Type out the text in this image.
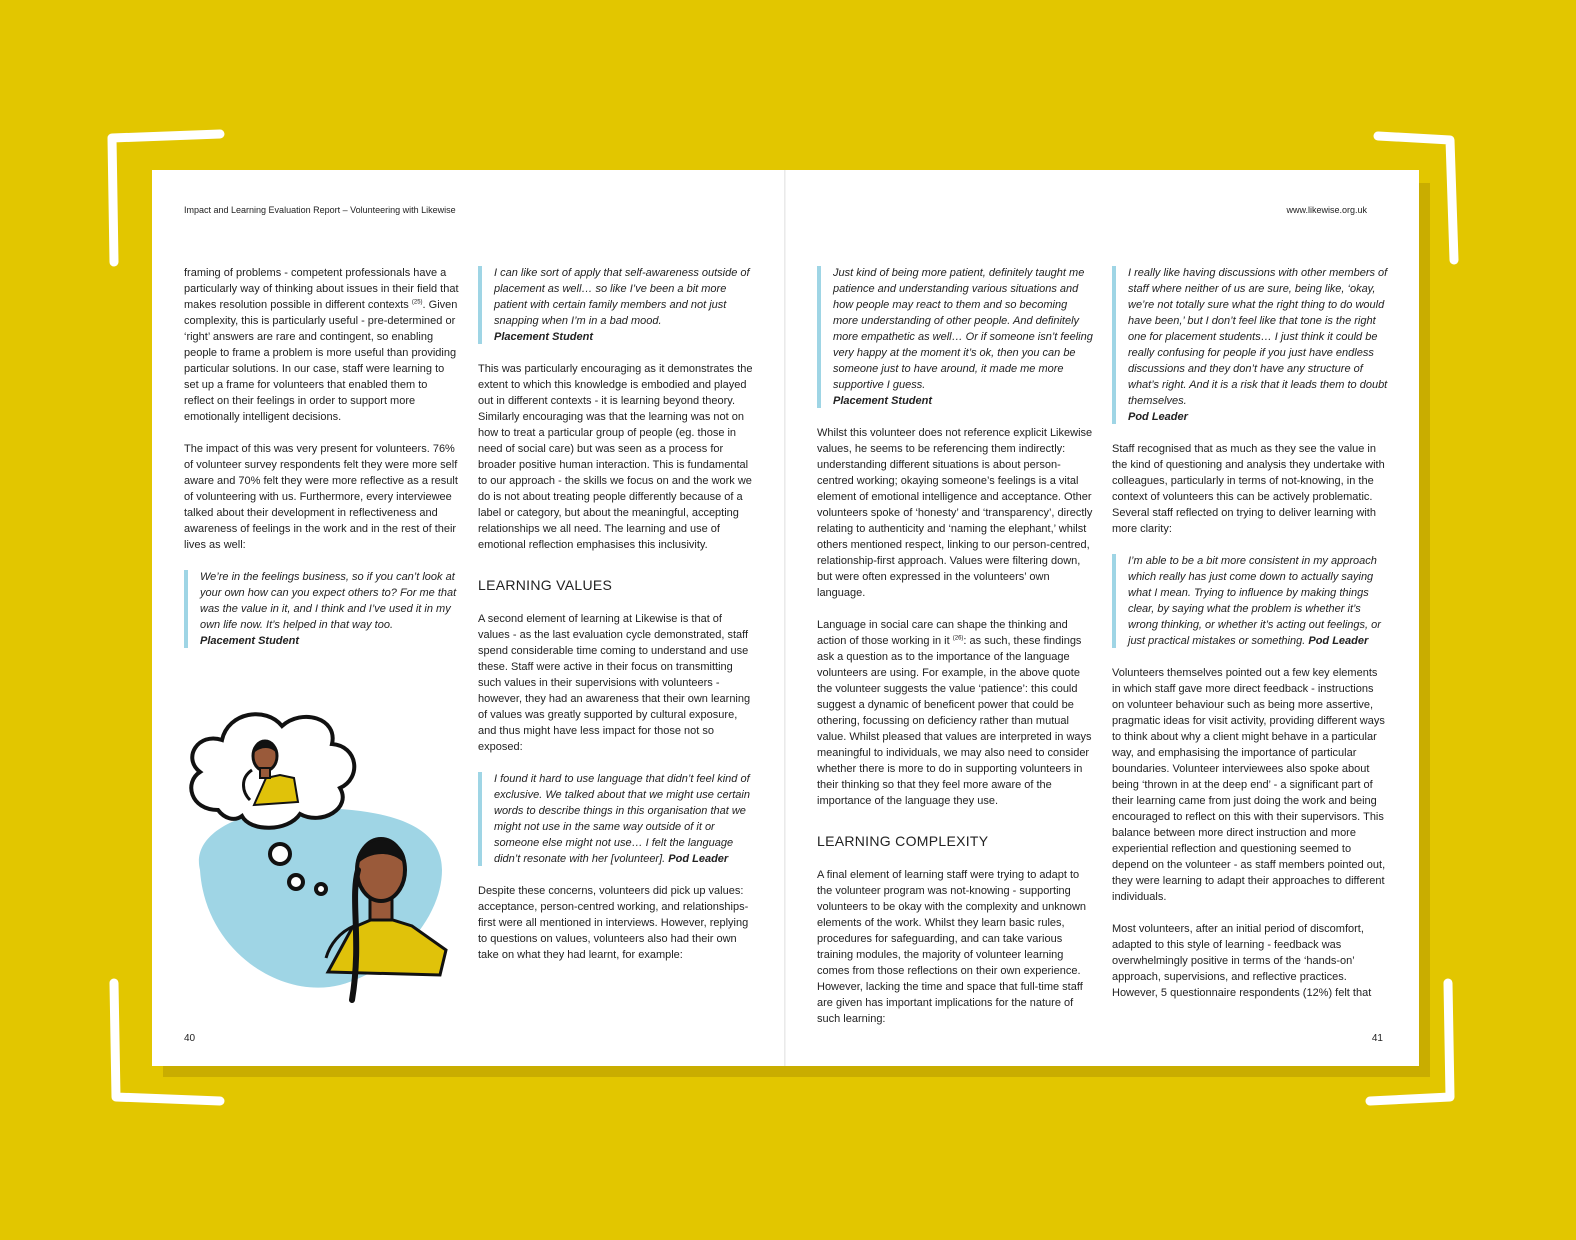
Impact and Learning Evaluation Report – Volunteering with Likewise

framing of problems - competent professionals have a particularly way of thinking about issues in their field that makes resolution possible in different contexts $^{(25)}$. Given complexity, this is particularly useful - pre-determined or ‘right’ answers are rare and contingent, so enabling people to frame a problem is more useful than providing particular solutions. In our case, staff were learning to set up a frame for volunteers that enabled them to reflect on their feelings in order to support more emotionally intelligent decisions.

The impact of this was very present for volunteers. 76% of volunteer survey respondents felt they were more self aware and 70% felt they were more reflective as a result of volunteering with us. Furthermore, every interviewee talked about their development in reflectiveness and awareness of feelings in the work and in the rest of their lives as well:

We’re in the feelings business, so if you can’t look at your own how can you expect others to? For me that was the value in it, and I think and I’ve used it in my own life now. It’s helped in that way too.
Placement Student
I can like sort of apply that self-awareness outside of placement as well… so like I’ve been a bit more patient with certain family members and not just snapping when I’m in a bad mood.
Placement Student

This was particularly encouraging as it demonstrates the extent to which this knowledge is embodied and played out in different contexts - it is learning beyond theory. Similarly encouraging was that the learning was not on how to treat a particular group of people (eg. those in need of social care) but was seen as a process for broader positive human interaction. This is fundamental to our approach - the skills we focus on and the work we do is not about treating people differently because of a label or category, but about the meaningful, accepting relationships we all need. The learning and use of emotional reflection emphasises this inclusivity.

LEARNING VALUES

A second element of learning at Likewise is that of values - as the last evaluation cycle demonstrated, staff spend considerable time coming to understand and use these. Staff were active in their focus on transmitting such values in their supervisions with volunteers - however, they had an awareness that their own learning of values was greatly supported by cultural exposure, and thus might have less impact for those not so exposed:

I found it hard to use language that didn’t feel kind of exclusive. We talked about that we might use certain words to describe things in this organisation that we might not use in the same way outside of it or someone else might not use… I felt the language didn’t resonate with her [volunteer]. Pod Leader

Despite these concerns, volunteers did pick up values: acceptance, person-centred working, and relationships-first were all mentioned in interviews. However, replying to questions on values, volunteers also had their own take on what they had learnt, for example:

40
www.likewise.org.uk
Just kind of being more patient, definitely taught me patience and understanding various situations and how people may react to them and so becoming more understanding of other people. And definitely more empathetic as well… Or if someone isn’t feeling very happy at the moment it’s ok, then you can be someone just to have around, it made me more supportive I guess.
Placement Student

Whilst this volunteer does not reference explicit Likewise values, he seems to be referencing them indirectly: understanding different situations is about person-centred working; okaying someone’s feelings is a vital element of emotional intelligence and acceptance. Other volunteers spoke of ‘honesty’ and ‘transparency’, directly relating to authenticity and ‘naming the elephant,’ whilst others mentioned respect, linking to our person-centred, relationship-first approach. Values were filtering down, but were often expressed in the volunteers’ own language.

Language in social care can shape the thinking and action of those working in it $^{(26)}$: as such, these findings ask a question as to the importance of the language volunteers are using. For example, in the above quote the volunteer suggests the value ‘patience’: this could suggest a dynamic of beneficent power that could be othering, focussing on deficiency rather than mutual value. Whilst pleased that values are interpreted in ways meaningful to individuals, we may also need to consider whether there is more to do in supporting volunteers in their thinking so that they feel more aware of the importance of the language they use.

LEARNING COMPLEXITY

A final element of learning staff were trying to adapt to the volunteer program was not-knowing - supporting volunteers to be okay with the complexity and unknown elements of the work. Whilst they learn basic rules, procedures for safeguarding, and can take various training modules, the majority of volunteer learning comes from those reflections on their own experience. However, lacking the time and space that full-time staff are given has important implications for the nature of such learning:

I really like having discussions with other members of staff where neither of us are sure, being like, ‘okay, we’re not totally sure what the right thing to do would have been,’ but I don’t feel like that tone is the right one for placement students… I just think it could be really confusing for people if you just have endless discussions and they don’t have any structure of what’s right. And it is a risk that it leads them to doubt themselves.
Pod Leader

Staff recognised that as much as they see the value in the kind of questioning and analysis they undertake with colleagues, particularly in terms of not-knowing, in the context of volunteers this can be actively problematic. Several staff reflected on trying to deliver learning with more clarity:

I’m able to be a bit more consistent in my approach which really has just come down to actually saying what I mean. Trying to influence by making things clear, by saying what the problem is whether it’s wrong thinking, or whether it’s acting out feelings, or just practical mistakes or something. Pod Leader

Volunteers themselves pointed out a few key elements in which staff gave more direct feedback - instructions on volunteer behaviour such as being more assertive, pragmatic ideas for visit activity, providing different ways to think about why a client might behave in a particular way, and emphasising the importance of particular boundaries. Volunteer interviewees also spoke about being ‘thrown in at the deep end’ - a significant part of their learning came from just doing the work and being encouraged to reflect on this with their supervisors. This balance between more direct instruction and more experiential reflection and questioning seemed to depend on the volunteer - as staff members pointed out, they were learning to adapt their approaches to different individuals.

Most volunteers, after an initial period of discomfort, adapted to this style of learning - feedback was overwhelmingly positive in terms of the ‘hands-on’ approach, supervisions, and reflective practices. However, 5 questionnaire respondents (12%) felt that

41
